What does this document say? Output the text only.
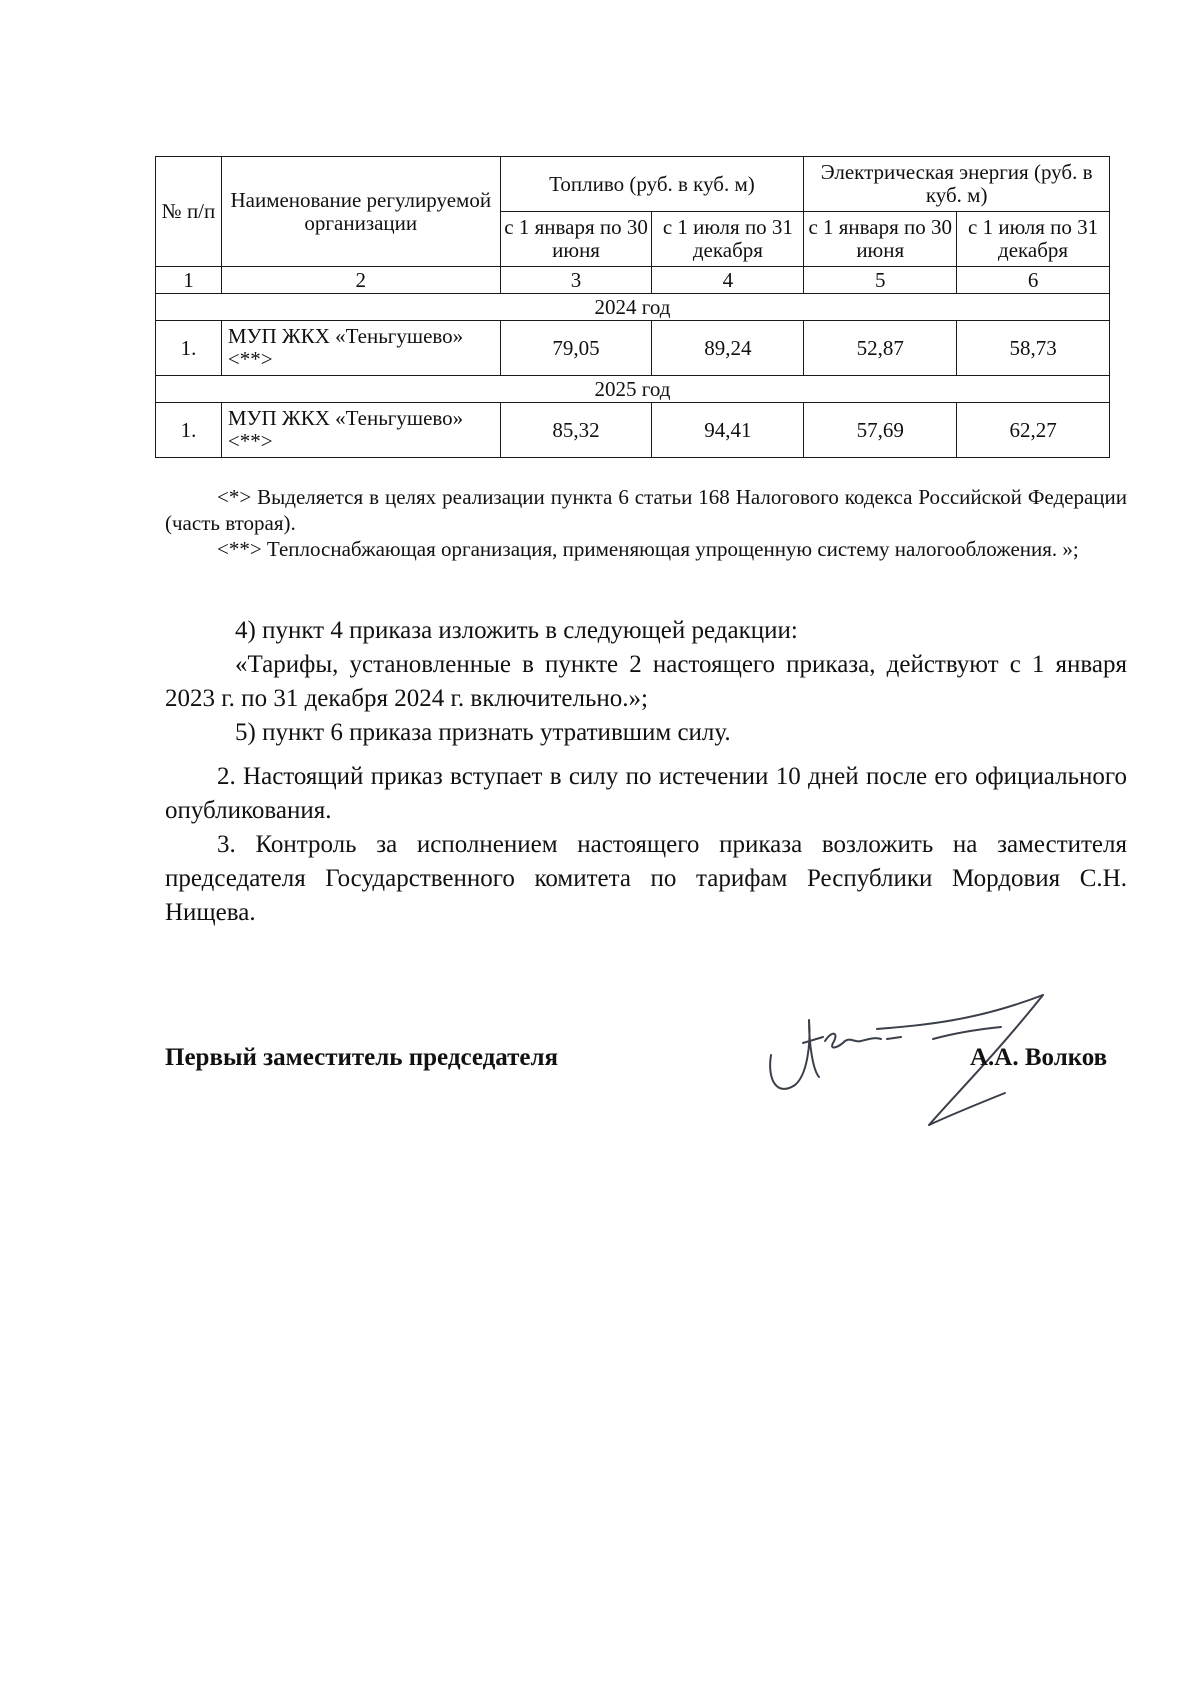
№ п/п	Наименование регулируемой организации	Топливо (руб. в куб. м)		Электрическая энергия (руб. в куб. м)	
		с 1 января по 30 июня	с 1 июля по 31 декабря	с 1 января по 30 июня	с 1 июля по 31 декабря
1	2	3	4	5	6
2024 год					
1.	МУП ЖКХ «Теньгушево» <**>	79,05	89,24	52,87	58,73
2025 год					
1.	МУП ЖКХ «Теньгушево» <**>	85,32	94,41	57,69	62,27

<*> Выделяется в целях реализации пункта 6 статьи 168 Налогового кодекса Российской Федерации (часть вторая).

<**> Теплоснабжающая организация, применяющая упрощенную систему налогообложения. »;

4) пункт 4 приказа изложить в следующей редакции:

«Тарифы, установленные в пункте 2 настоящего приказа, действуют с 1 января 2023 г. по 31 декабря 2024 г. включительно.»;

5) пункт 6 приказа признать утратившим силу.

2. Настоящий приказ вступает в силу по истечении 10 дней после его официального опубликования.

3. Контроль за исполнением настоящего приказа возложить на заместителя председателя Государственного комитета по тарифам Республики Мордовия С.Н. Нищева.

Первый заместитель председателя	А.А. Волков
